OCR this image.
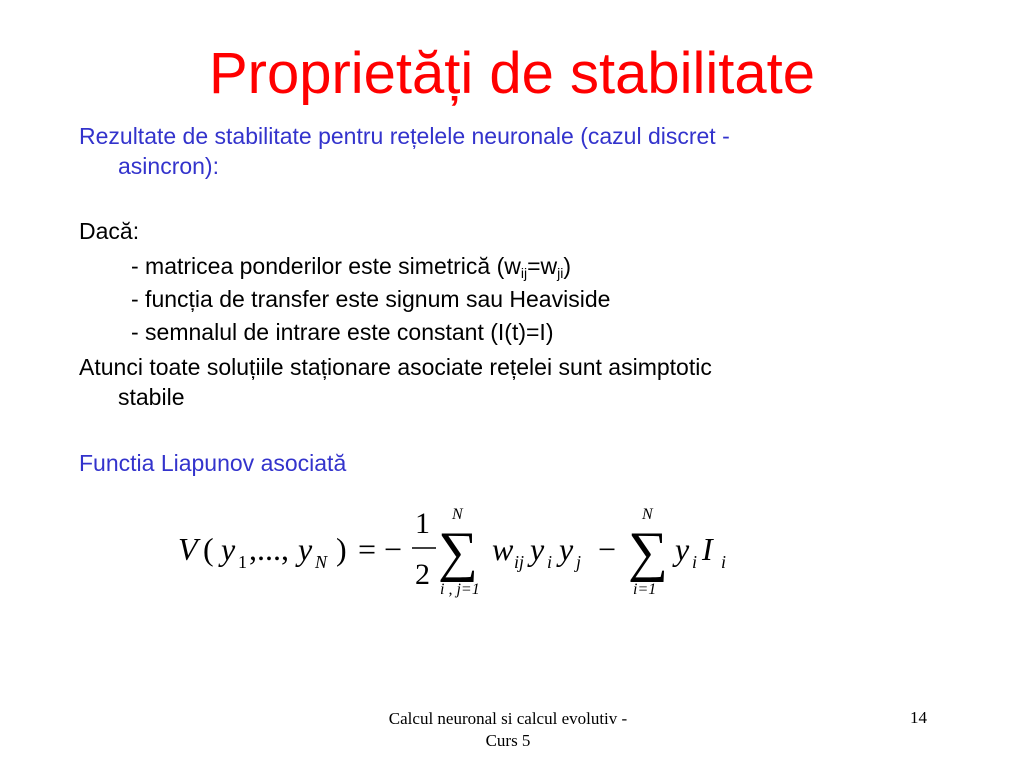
Proprietăți de stabilitate
Rezultate de stabilitate pentru rețelele neuronale (cazul discret -
asincron):
Dacă:
- matricea ponderilor este simetrică $(w_{ij}=w_{ji})$
- funcția de transfer este signum sau Heaviside
- semnalul de intrare este constant (I(t)=I)
Atunci toate soluțiile staționare asociate rețelei sunt asimptotic
stabile
Functia Liapunov asociată
V ( y 1 ,..., y N ) = −
1
2
N
∑
i , j=1
w ij y i y j −
N
∑
i=1
y i I i
Calcul neuronal si calcul evolutiv -
Curs 5
14
